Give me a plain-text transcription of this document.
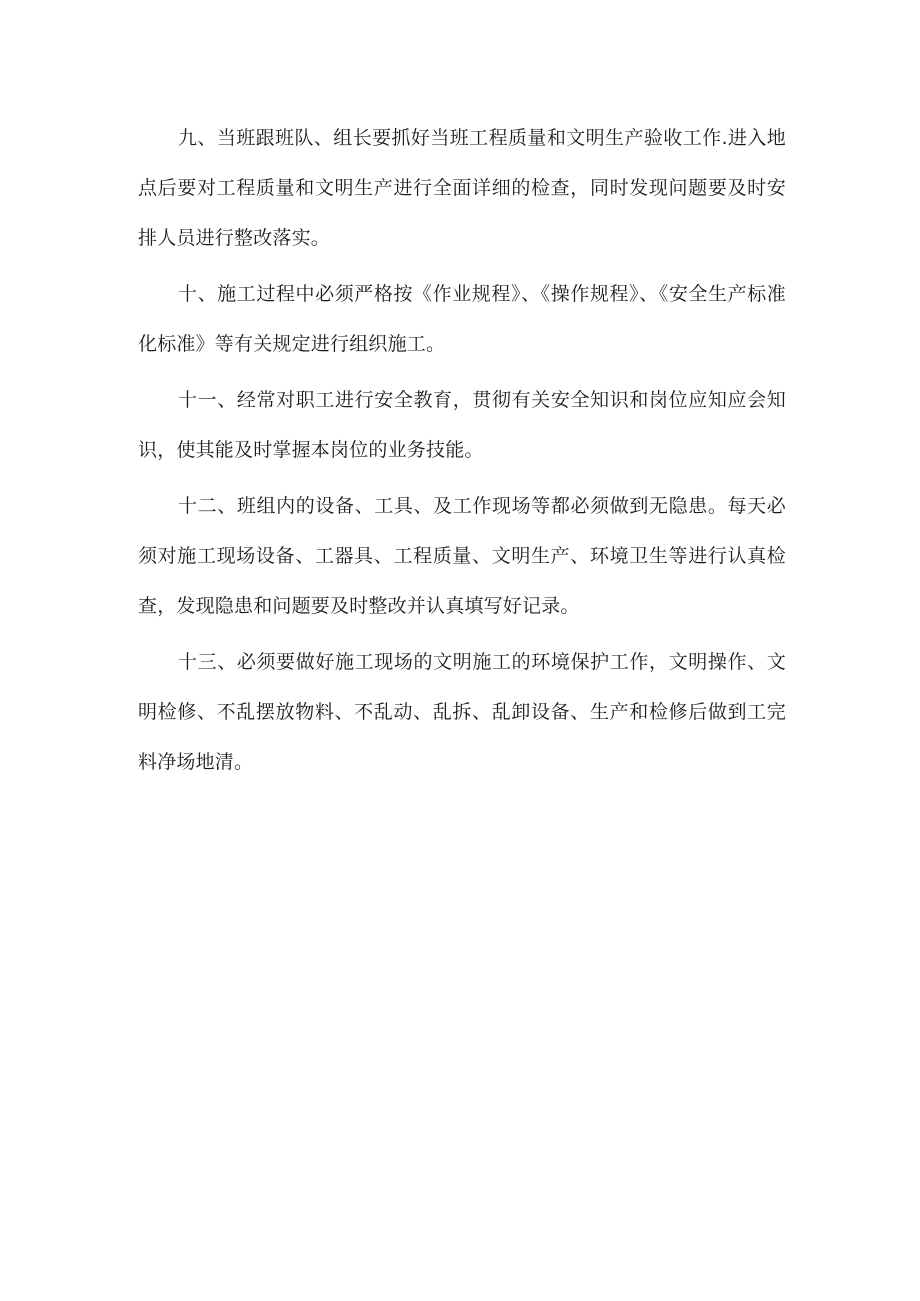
九、当班跟班队、组长要抓好当班工程质量和文明生产验收工作.进入地点后要对工程质量和文明生产进行全面详细的检查，同时发现问题要及时安排人员进行整改落实。

十、施工过程中必须严格按《作业规程》、《操作规程》、《安全生产标准化标准》等有关规定进行组织施工。

十一、经常对职工进行安全教育，贯彻有关安全知识和岗位应知应会知识，使其能及时掌握本岗位的业务技能。

十二、班组内的设备、工具、及工作现场等都必须做到无隐患。每天必须对施工现场设备、工器具、工程质量、文明生产、环境卫生等进行认真检查，发现隐患和问题要及时整改并认真填写好记录。

十三、必须要做好施工现场的文明施工的环境保护工作，文明操作、文明检修、不乱摆放物料、不乱动、乱拆、乱卸设备、生产和检修后做到工完料净场地清。
